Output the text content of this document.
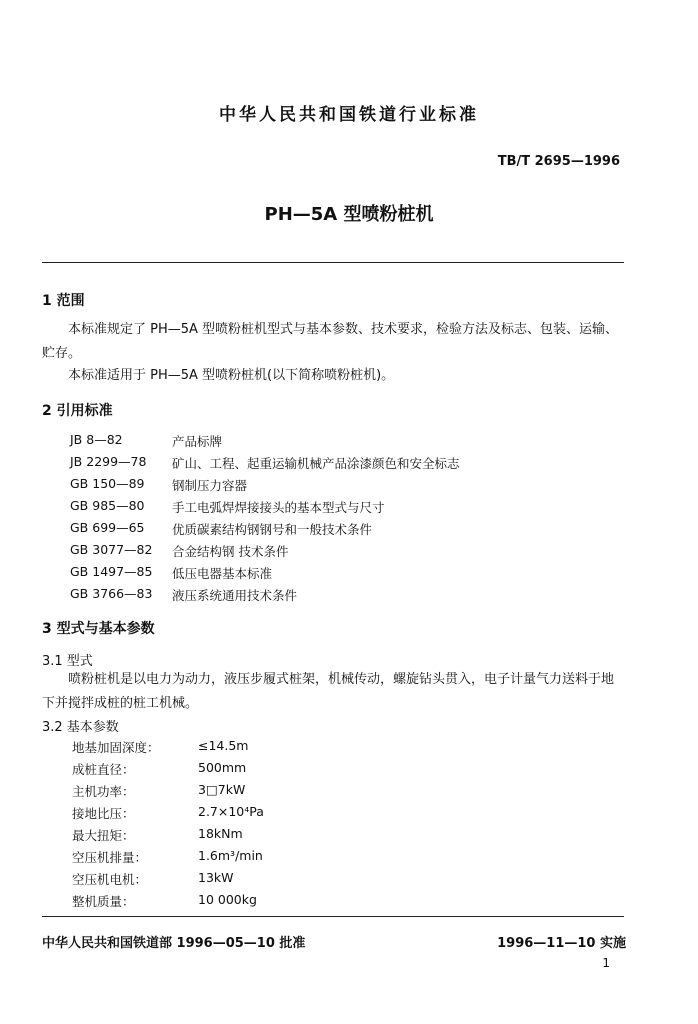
中华人民共和国铁道行业标准
TB/T 2695—1996
PH—5A 型喷粉桩机
1 范围
本标准规定了 PH—5A 型喷粉桩机型式与基本参数、技术要求，检验方法及标志、包装、运输、贮存。
本标准适用于 PH—5A 型喷粉桩机(以下简称喷粉桩机)。
2 引用标准
JB 8—82	产品标牌
JB 2299—78 矿山、工程、起重运输机械产品涂漆颜色和安全标志
GB 150—89 钢制压力容器
GB 985—80 手工电弧焊焊接接头的基本型式与尺寸
GB 699—65 优质碳素结构钢钢号和一般技术条件
GB 3077—82 合金结构钢 技术条件
GB 1497—85 低压电器基本标准
GB 3766—83 液压系统通用技术条件
3 型式与基本参数
3.1 型式
喷粉桩机是以电力为动力，液压步履式桩架，机械传动，螺旋钻头贯入，电子计量气力送料于地下并搅拌成桩的桩工机械。
3.2 基本参数
地基加固深度：	≤14.5m
成桩直径：	500mm
主机功率：	3□7kW
接地比压：	2.7×10⁴Pa
最大扭矩：	18kNm
空压机排量：	1.6m³/min
空压机电机：	13kW
整机质量：	10 000kg
中华人民共和国铁道部 1996—05—10 批准	1996—11—10 实施
1
